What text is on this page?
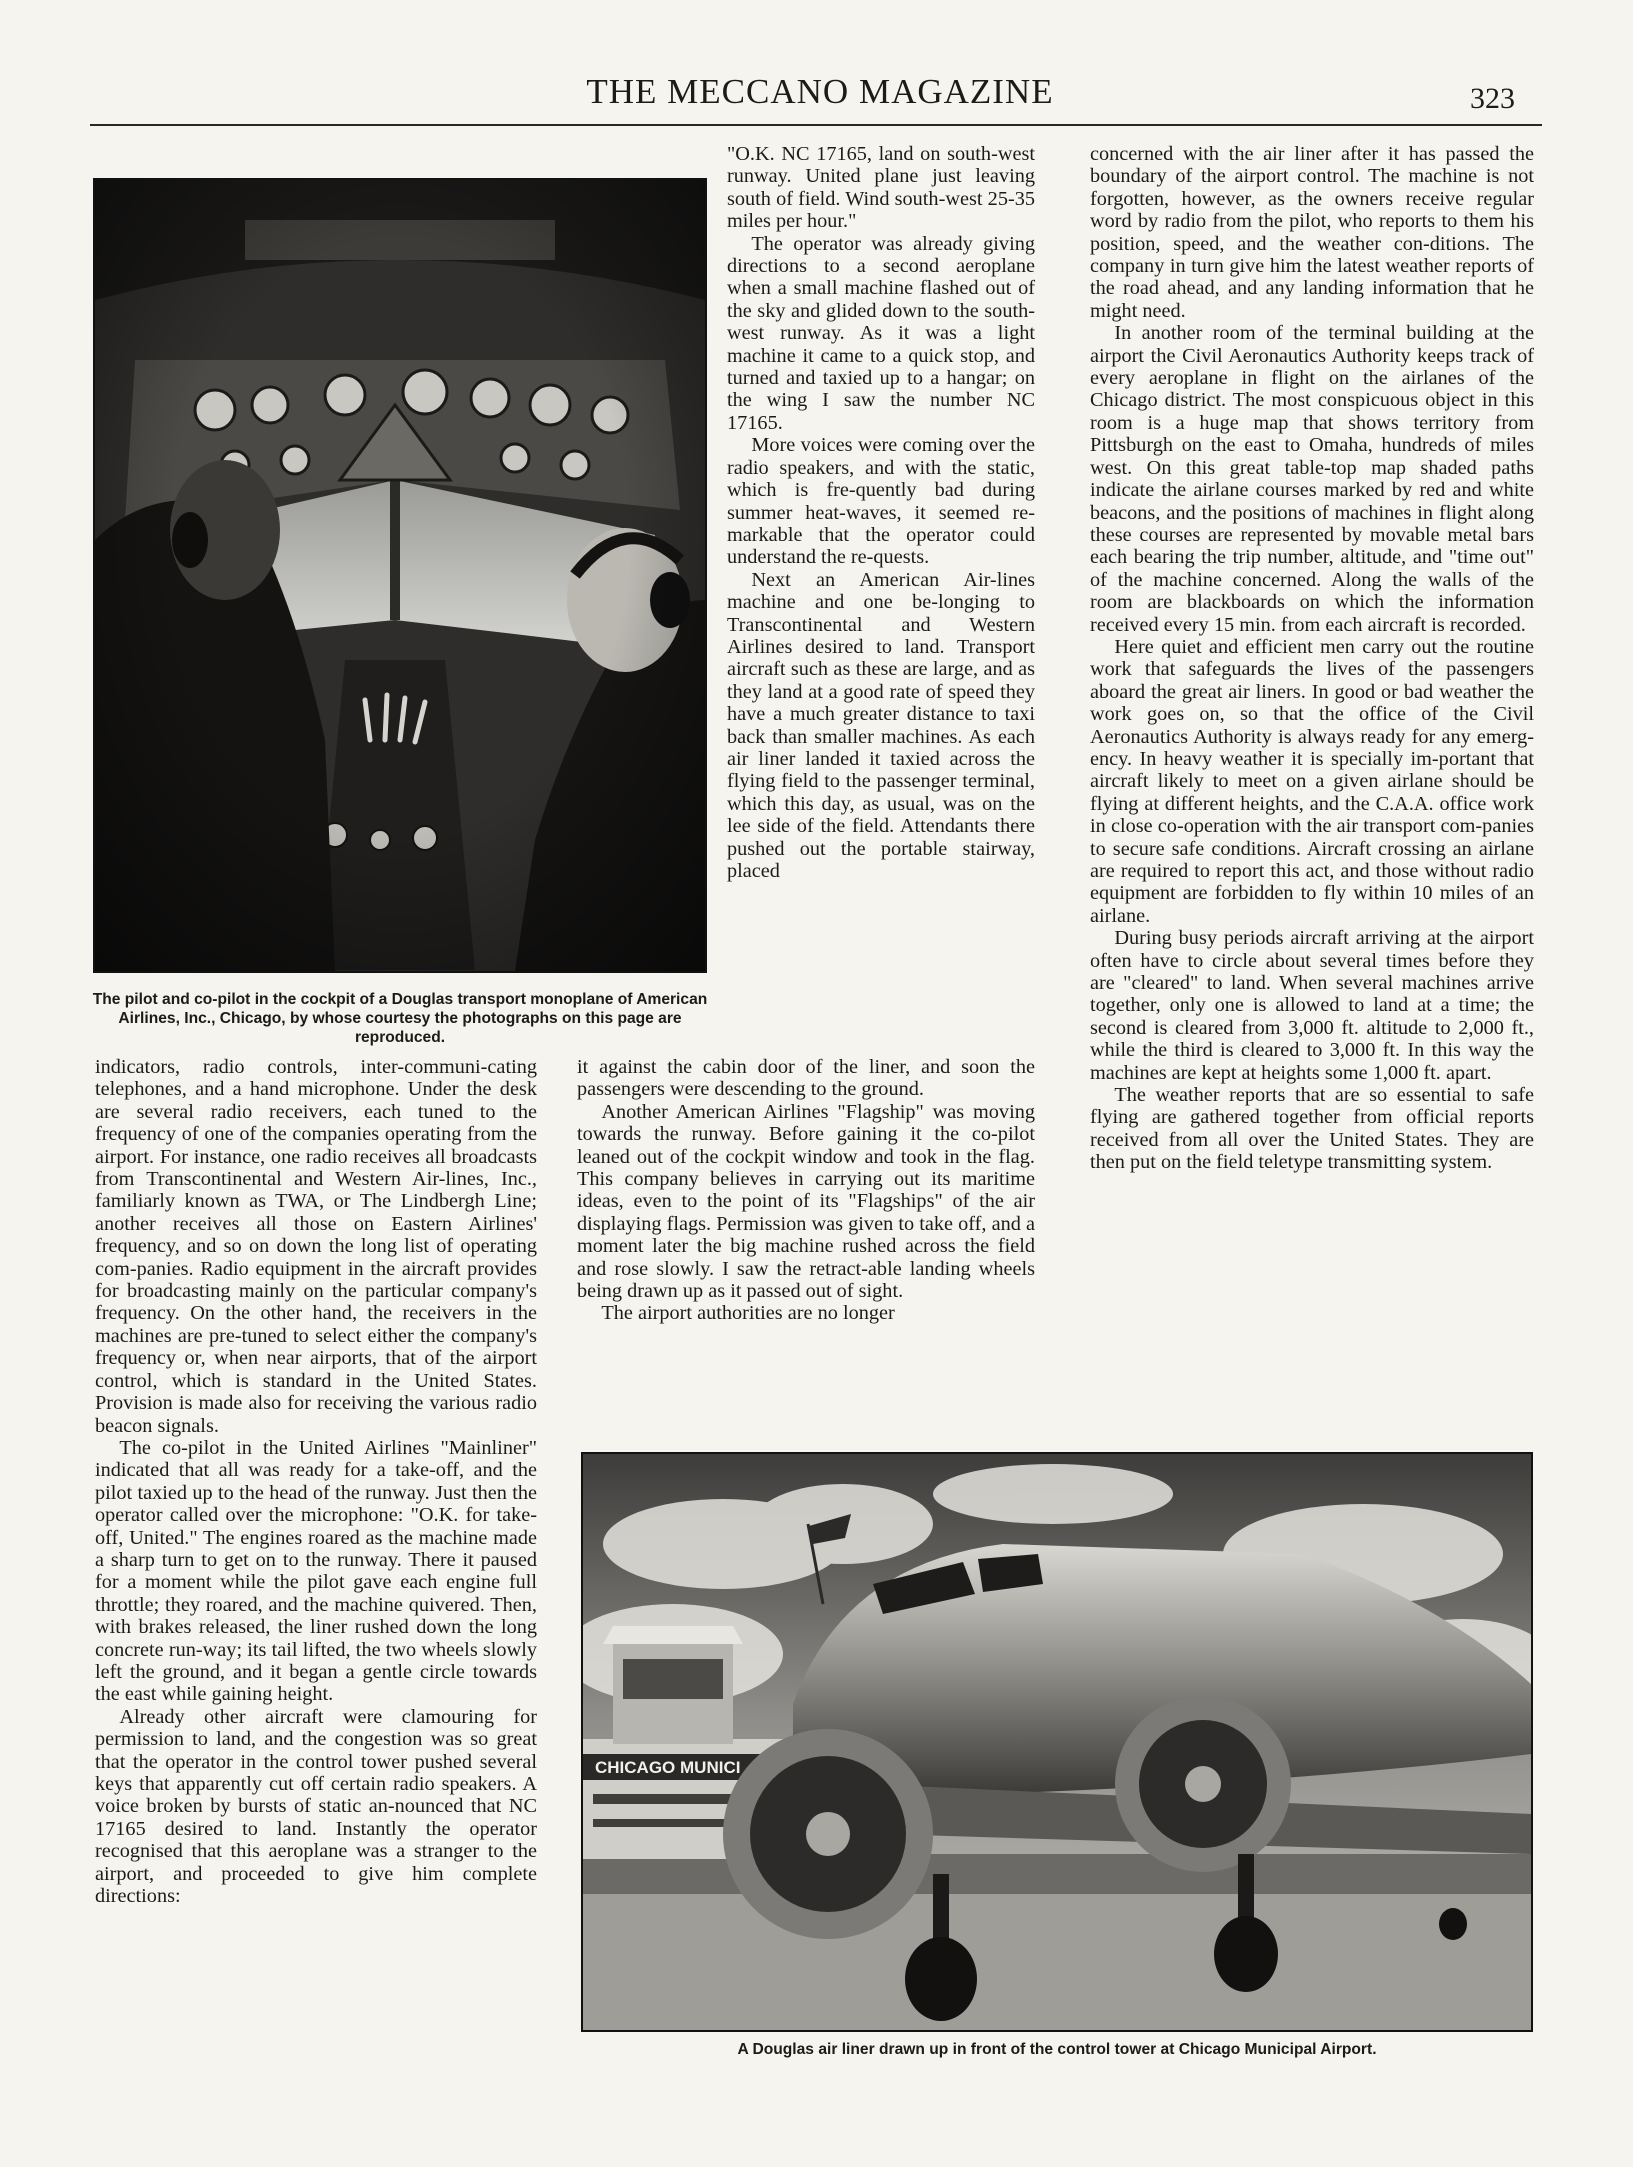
THE MECCANO MAGAZINE	323
The pilot and co-pilot in the cockpit of a Douglas transport monoplane of American Airlines, Inc., Chicago, by whose courtesy the photographs on this page are reproduced.

"O.K. NC 17165, land on south-west runway. United plane just leaving south of field. Wind south-west 25-35 miles per hour."

The operator was already giving directions to a second aeroplane when a small machine flashed out of the sky and glided down to the south-west runway. As it was a light machine it came to a quick stop, and turned and taxied up to a hangar; on the wing I saw the number NC 17165.

More voices were coming over the radio speakers, and with the static, which is fre-quently bad during summer heat-waves, it seemed re-markable that the operator could understand the re-quests.

Next an American Air-lines machine and one be-longing to Transcontinental and Western Airlines desired to land. Transport aircraft such as these are large, and as they land at a good rate of speed they have a much greater distance to taxi back than smaller machines. As each air liner landed it taxied across the flying field to the passenger terminal, which this day, as usual, was on the lee side of the field. Attendants there pushed out the portable stairway, placed

indicators, radio controls, inter-communi-cating telephones, and a hand microphone. Under the desk are several radio receivers, each tuned to the frequency of one of the companies operating from the airport. For instance, one radio receives all broadcasts from Transcontinental and Western Air-lines, Inc., familiarly known as TWA, or The Lindbergh Line; another receives all those on Eastern Airlines' frequency, and so on down the long list of operating com-panies. Radio equipment in the aircraft provides for broadcasting mainly on the particular company's frequency. On the other hand, the receivers in the machines are pre-tuned to select either the company's frequency or, when near airports, that of the airport control, which is standard in the United States. Provision is made also for receiving the various radio beacon signals.

The co-pilot in the United Airlines "Mainliner" indicated that all was ready for a take-off, and the pilot taxied up to the head of the runway. Just then the operator called over the microphone: "O.K. for take-off, United." The engines roared as the machine made a sharp turn to get on to the runway. There it paused for a moment while the pilot gave each engine full throttle; they roared, and the machine quivered. Then, with brakes released, the liner rushed down the long concrete run-way; its tail lifted, the two wheels slowly left the ground, and it began a gentle circle towards the east while gaining height.

Already other aircraft were clamouring for permission to land, and the congestion was so great that the operator in the control tower pushed several keys that apparently cut off certain radio speakers. A voice broken by bursts of static an-nounced that NC 17165 desired to land. Instantly the operator recognised that this aeroplane was a stranger to the airport, and proceeded to give him complete directions:

it against the cabin door of the liner, and soon the passengers were descending to the ground.

Another American Airlines "Flagship" was moving towards the runway. Before gaining it the co-pilot leaned out of the cockpit window and took in the flag. This company believes in carrying out its maritime ideas, even to the point of its "Flagships" of the air displaying flags. Permission was given to take off, and a moment later the big machine rushed across the field and rose slowly. I saw the retract-able landing wheels being drawn up as it passed out of sight.

The airport authorities are no longer

concerned with the air liner after it has passed the boundary of the airport control. The machine is not forgotten, however, as the owners receive regular word by radio from the pilot, who reports to them his position, speed, and the weather con-ditions. The company in turn give him the latest weather reports of the road ahead, and any landing information that he might need.

In another room of the terminal building at the airport the Civil Aeronautics Authority keeps track of every aeroplane in flight on the airlanes of the Chicago district. The most conspicuous object in this room is a huge map that shows territory from Pittsburgh on the east to Omaha, hundreds of miles west. On this great table-top map shaded paths indicate the airlane courses marked by red and white beacons, and the positions of machines in flight along these courses are represented by movable metal bars each bearing the trip number, altitude, and "time out" of the machine concerned. Along the walls of the room are blackboards on which the information received every 15 min. from each aircraft is recorded.

Here quiet and efficient men carry out the routine work that safeguards the lives of the passengers aboard the great air liners. In good or bad weather the work goes on, so that the office of the Civil Aeronautics Authority is always ready for any emerg-ency. In heavy weather it is specially im-portant that aircraft likely to meet on a given airlane should be flying at different heights, and the C.A.A. office work in close co-operation with the air transport com-panies to secure safe conditions. Aircraft crossing an airlane are required to report this act, and those without radio equipment are forbidden to fly within 10 miles of an airlane.

During busy periods aircraft arriving at the airport often have to circle about several times before they are "cleared" to land. When several machines arrive together, only one is allowed to land at a time; the second is cleared from 3,000 ft. altitude to 2,000 ft., while the third is cleared to 3,000 ft. In this way the machines are kept at heights some 1,000 ft. apart.

The weather reports that are so essential to safe flying are gathered together from official reports received from all over the United States. They are then put on the field teletype transmitting system.

CHICAGO MUNICI
A Douglas air liner drawn up in front of the control tower at Chicago Municipal Airport.
